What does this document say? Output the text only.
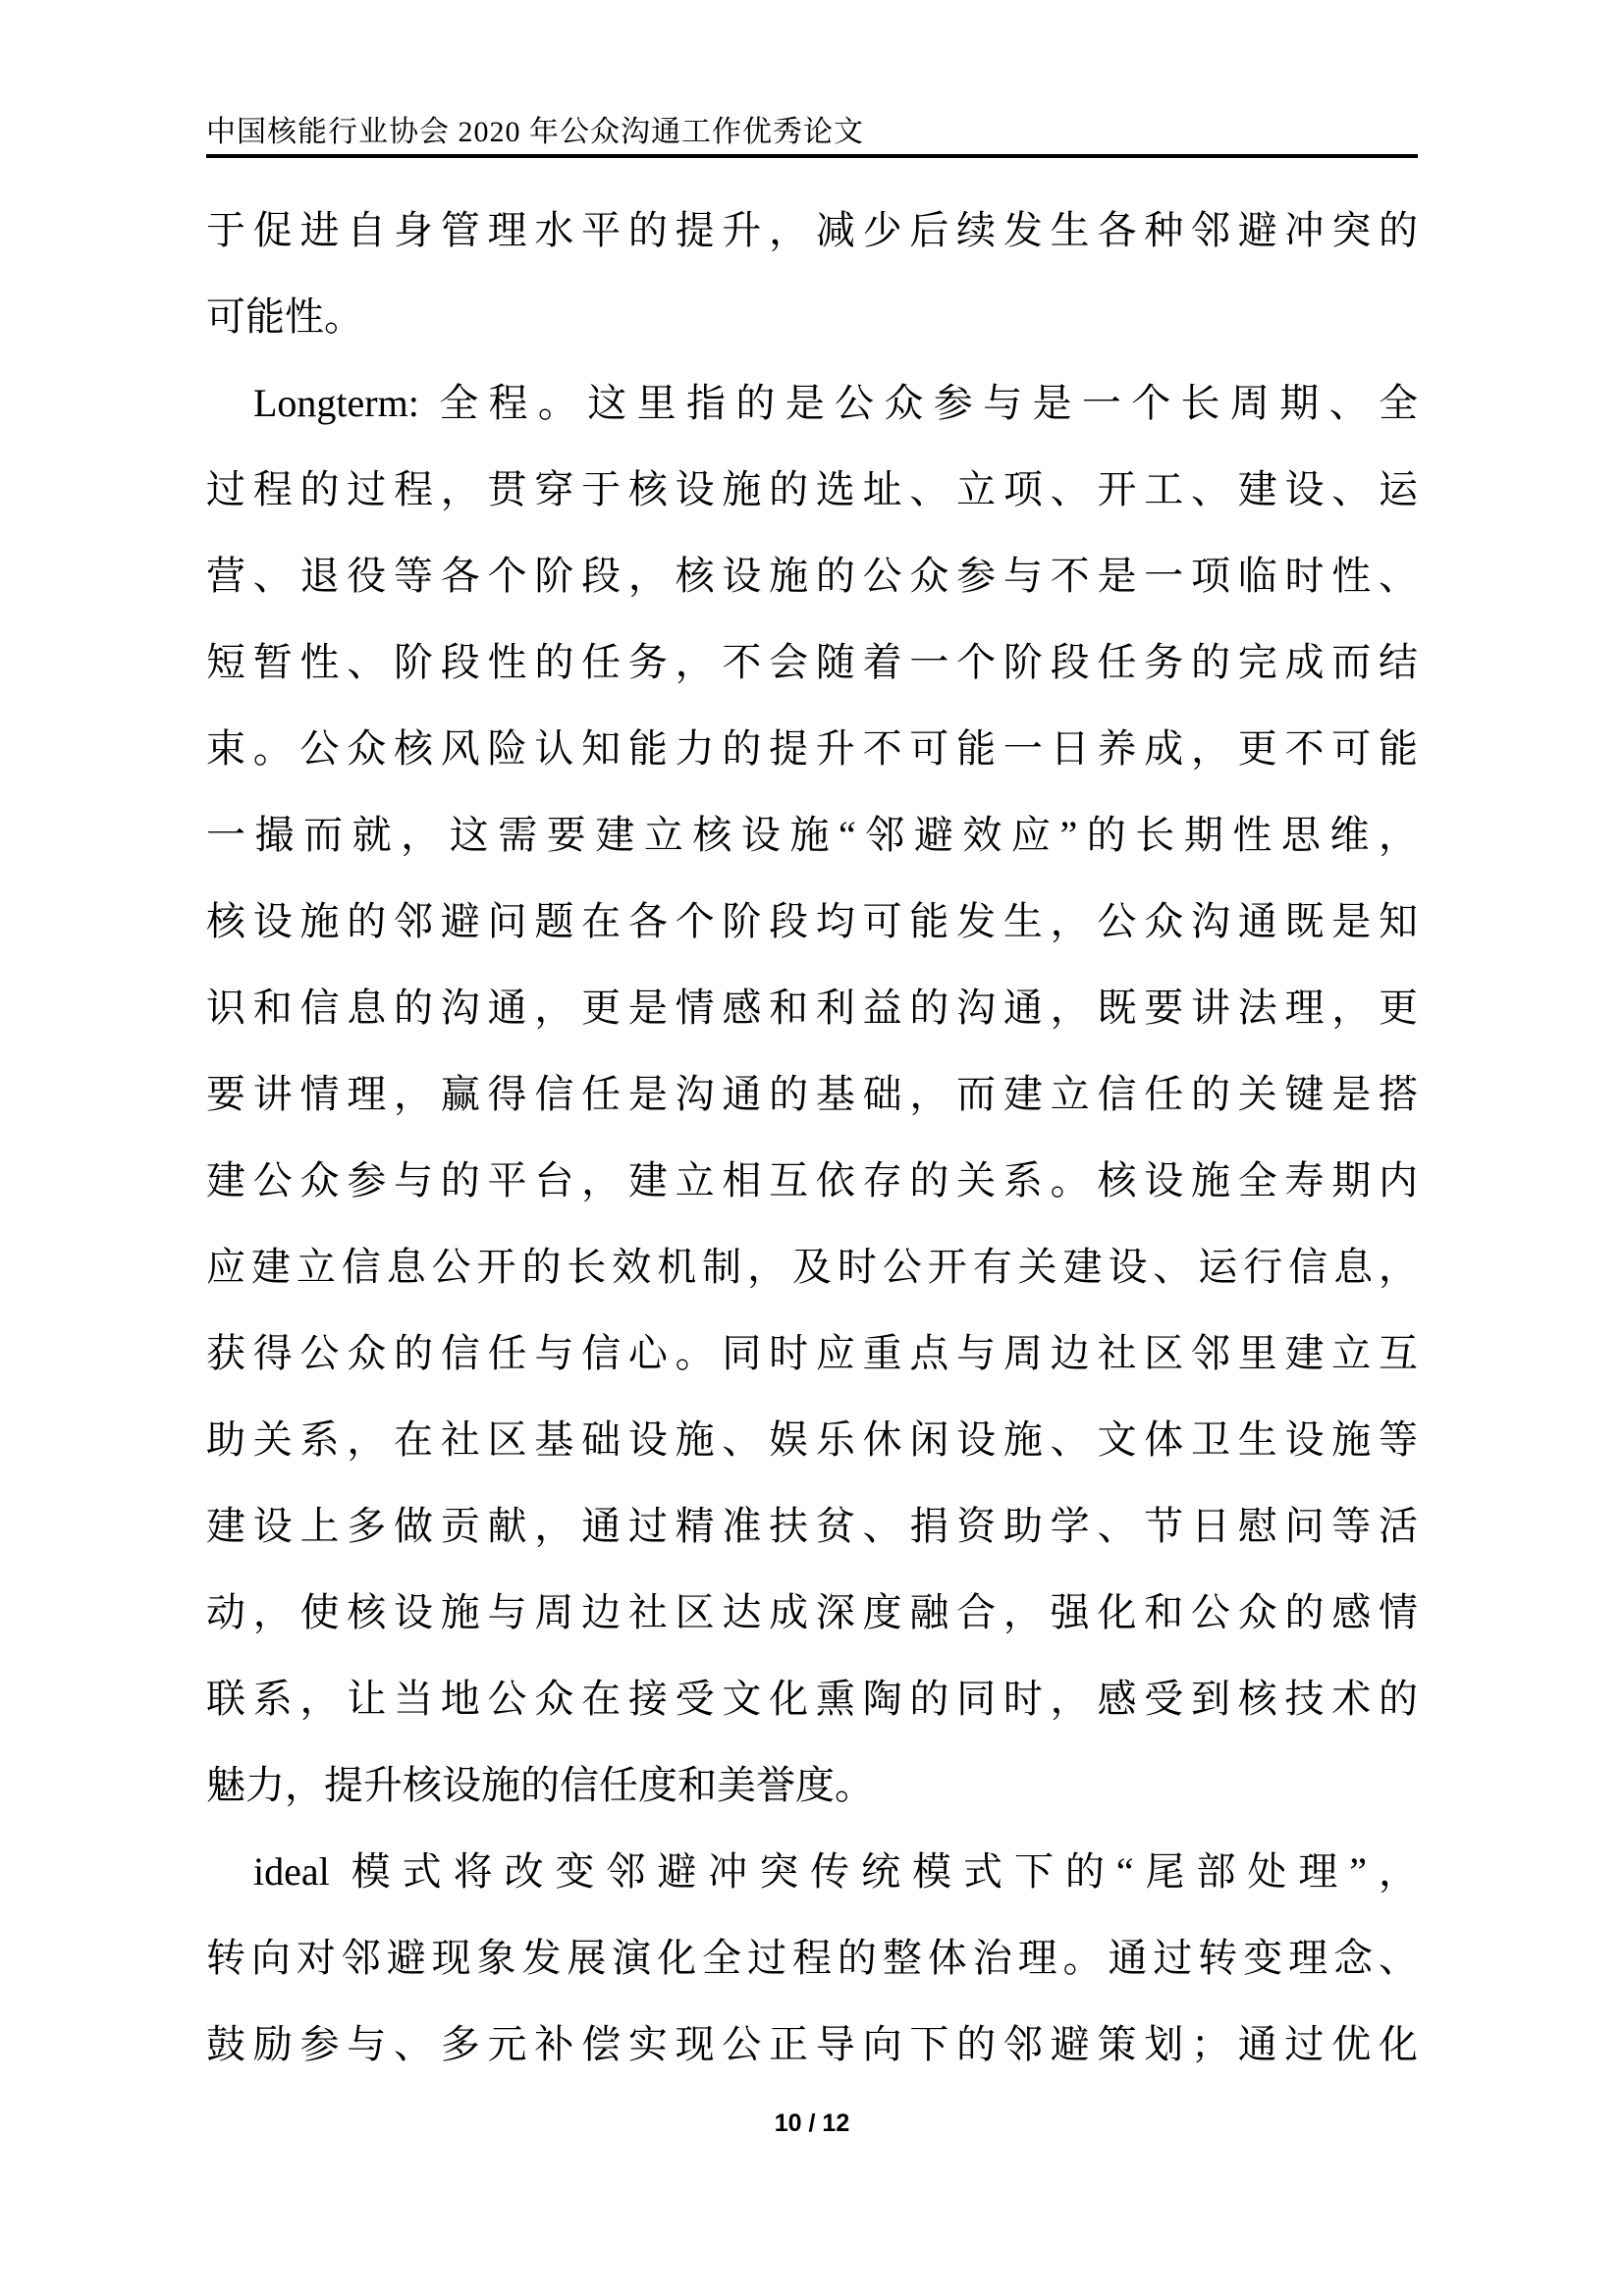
中国核能行业协会 2020 年公众沟通工作优秀论文
于促进自身管理水平的提升，减少后续发生各种邻避冲突的
可能性。
Longterm: 全程。这里指的是公众参与是一个长周期、全
过程的过程，贯穿于核设施的选址、立项、开工、建设、运
营、退役等各个阶段，核设施的公众参与不是一项临时性、
短暂性、阶段性的任务，不会随着一个阶段任务的完成而结
束。公众核风险认知能力的提升不可能一日养成，更不可能
一撮而就，这需要建立核设施“邻避效应”的长期性思维，
核设施的邻避问题在各个阶段均可能发生，公众沟通既是知
识和信息的沟通，更是情感和利益的沟通，既要讲法理，更
要讲情理，赢得信任是沟通的基础，而建立信任的关键是搭
建公众参与的平台，建立相互依存的关系。核设施全寿期内
应建立信息公开的长效机制，及时公开有关建设、运行信息，
获得公众的信任与信心。同时应重点与周边社区邻里建立互
助关系，在社区基础设施、娱乐休闲设施、文体卫生设施等
建设上多做贡献，通过精准扶贫、捐资助学、节日慰问等活
动，使核设施与周边社区达成深度融合，强化和公众的感情
联系，让当地公众在接受文化熏陶的同时，感受到核技术的
魅力，提升核设施的信任度和美誉度。
ideal 模式将改变邻避冲突传统模式下的“尾部处理”，
转向对邻避现象发展演化全过程的整体治理。通过转变理念、
鼓励参与、多元补偿实现公正导向下的邻避策划；通过优化
10 / 12
